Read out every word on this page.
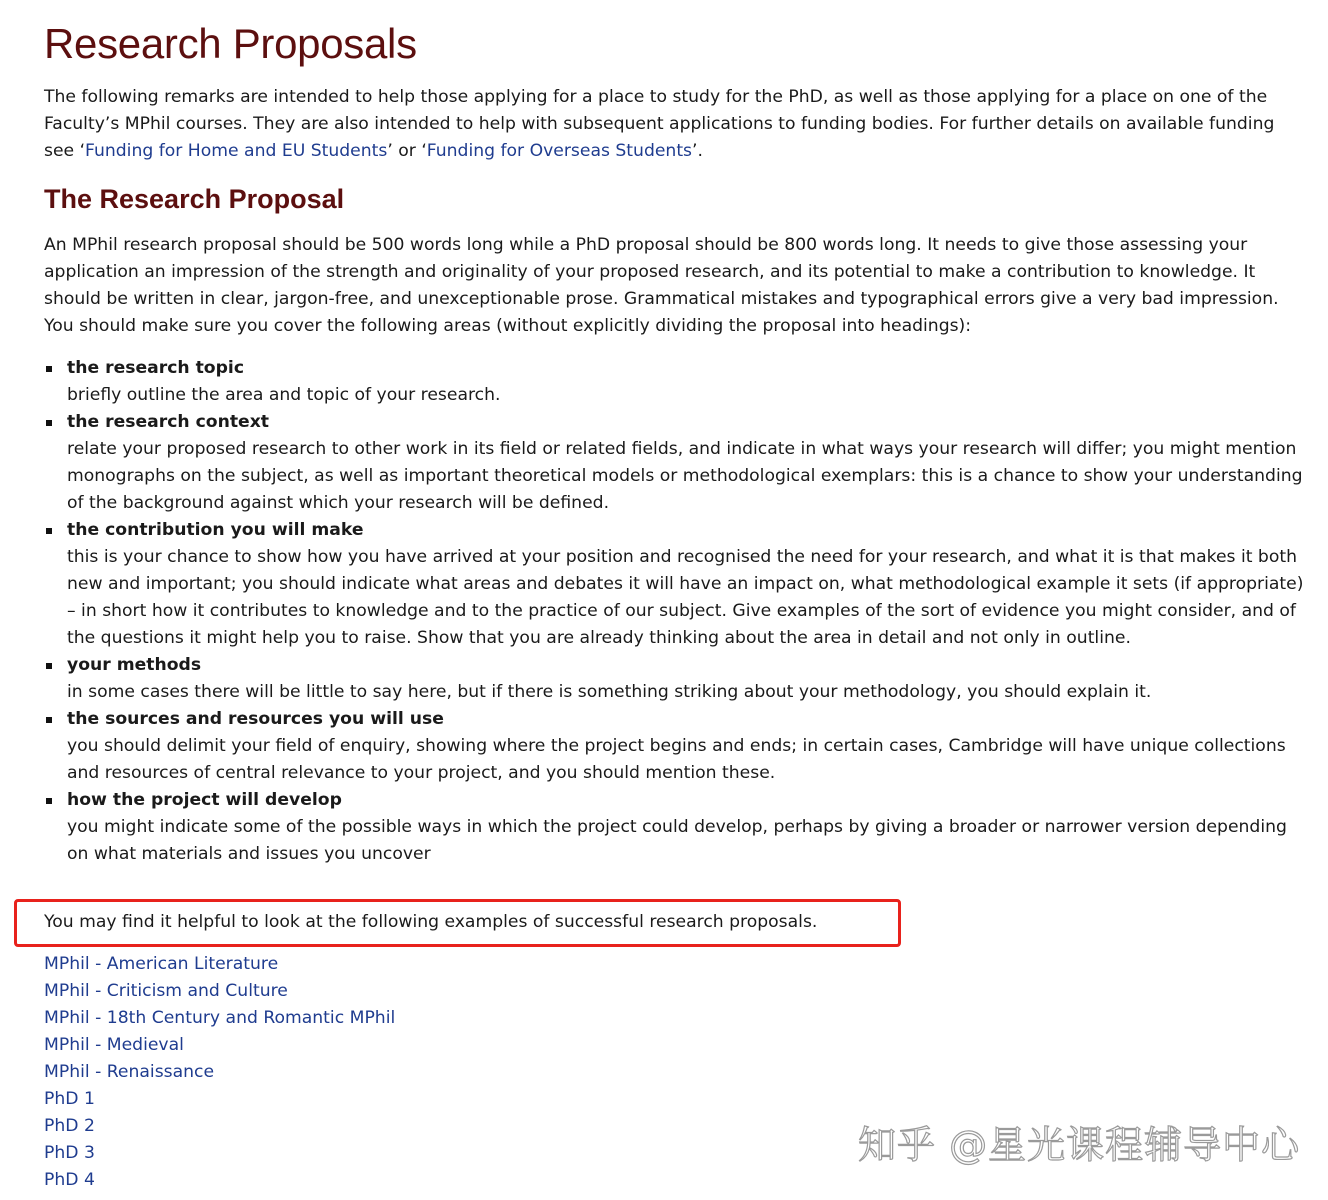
Research Proposals

The following remarks are intended to help those applying for a place to study for the PhD, as well as those applying for a place on one of the Faculty’s MPhil courses. They are also intended to help with subsequent applications to funding bodies. For further details on available funding see ‘Funding for Home and EU Students’ or ‘Funding for Overseas Students’.

The Research Proposal

An MPhil research proposal should be 500 words long while a PhD proposal should be 800 words long. It needs to give those assessing your application an impression of the strength and originality of your proposed research, and its potential to make a contribution to knowledge. It should be written in clear, jargon-free, and unexceptionable prose. Grammatical mistakes and typographical errors give a very bad impression. You should make sure you cover the following areas (without explicitly dividing the proposal into headings):

the research topic
briefly outline the area and topic of your research.
the research context
relate your proposed research to other work in its field or related fields, and indicate in what ways your research will differ; you might mention monographs on the subject, as well as important theoretical models or methodological exemplars: this is a chance to show your understanding of the background against which your research will be defined.
the contribution you will make
this is your chance to show how you have arrived at your position and recognised the need for your research, and what it is that makes it both new and important; you should indicate what areas and debates it will have an impact on, what methodological example it sets (if appropriate) – in short how it contributes to knowledge and to the practice of our subject. Give examples of the sort of evidence you might consider, and of the questions it might help you to raise. Show that you are already thinking about the area in detail and not only in outline.
your methods
in some cases there will be little to say here, but if there is something striking about your methodology, you should explain it.
the sources and resources you will use
you should delimit your field of enquiry, showing where the project begins and ends; in certain cases, Cambridge will have unique collections and resources of central relevance to your project, and you should mention these.
how the project will develop
you might indicate some of the possible ways in which the project could develop, perhaps by giving a broader or narrower version depending on what materials and issues you uncover

You may find it helpful to look at the following examples of successful research proposals.

MPhil - American Literature
MPhil - Criticism and Culture
MPhil - 18th Century and Romantic MPhil
MPhil - Medieval
MPhil - Renaissance
PhD 1
PhD 2
PhD 3
PhD 4
知乎 @星光课程辅导中心
